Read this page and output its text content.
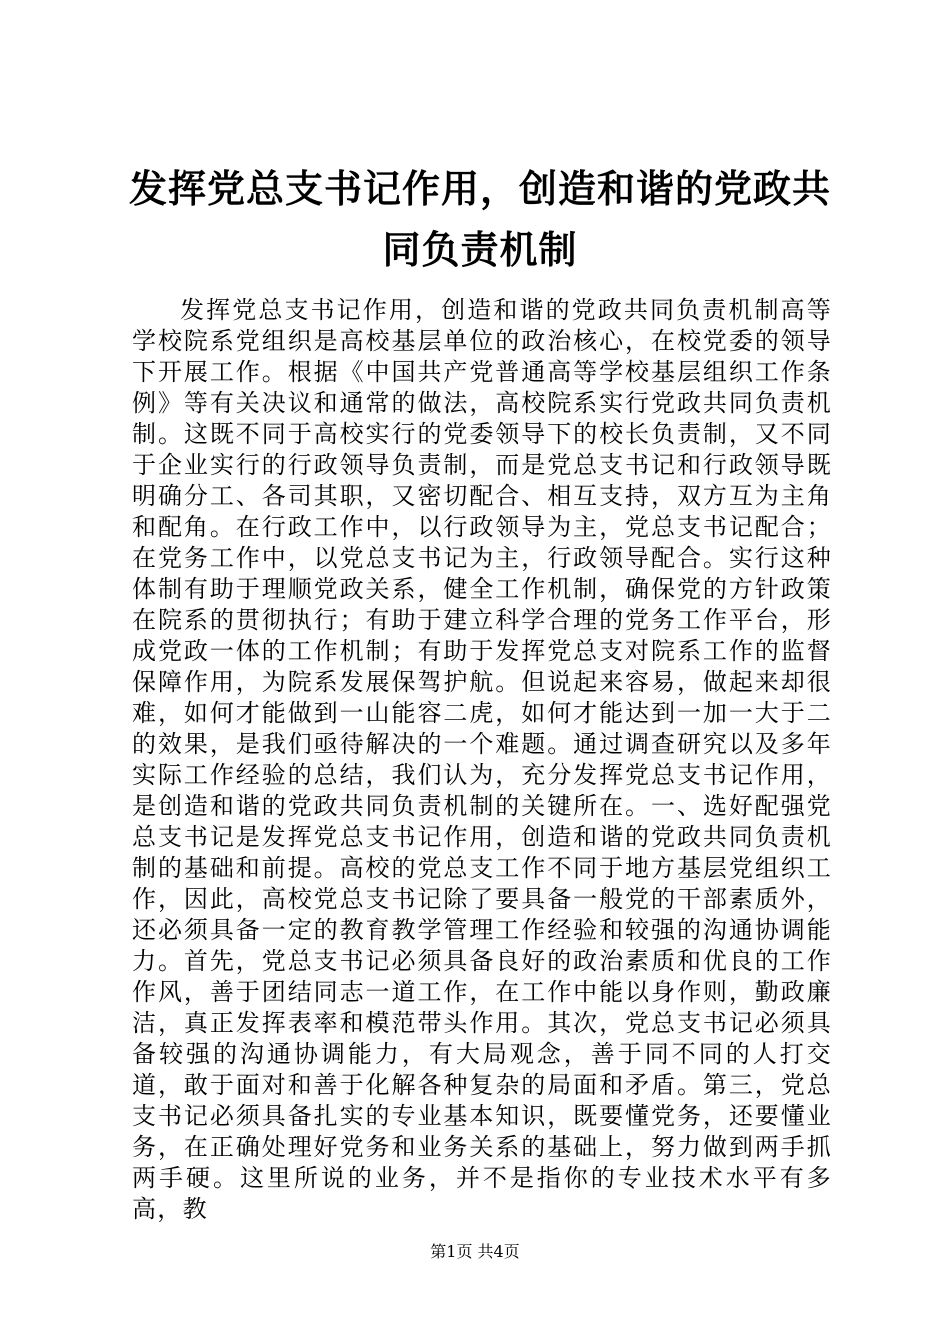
发挥党总支书记作用，创造和谐的党政共同负责机制

发挥党总支书记作用，创造和谐的党政共同负责机制高等学校院系党组织是高校基层单位的政治核心，在校党委的领导下开展工作。根据《中国共产党普通高等学校基层组织工作条例》等有关决议和通常的做法，高校院系实行党政共同负责机制。这既不同于高校实行的党委领导下的校长负责制，又不同于企业实行的行政领导负责制，而是党总支书记和行政领导既明确分工、各司其职，又密切配合、相互支持，双方互为主角和配角。在行政工作中，以行政领导为主，党总支书记配合；在党务工作中，以党总支书记为主，行政领导配合。实行这种体制有助于理顺党政关系，健全工作机制，确保党的方针政策在院系的贯彻执行；有助于建立科学合理的党务工作平台，形成党政一体的工作机制；有助于发挥党总支对院系工作的监督保障作用，为院系发展保驾护航。但说起来容易，做起来却很难，如何才能做到一山能容二虎，如何才能达到一加一大于二的效果，是我们亟待解决的一个难题。通过调查研究以及多年实际工作经验的总结，我们认为，充分发挥党总支书记作用，是创造和谐的党政共同负责机制的关键所在。一、选好配强党总支书记是发挥党总支书记作用，创造和谐的党政共同负责机制的基础和前提。高校的党总支工作不同于地方基层党组织工作，因此，高校党总支书记除了要具备一般党的干部素质外，还必须具备一定的教育教学管理工作经验和较强的沟通协调能力。首先，党总支书记必须具备良好的政治素质和优良的工作作风，善于团结同志一道工作，在工作中能以身作则，勤政廉洁，真正发挥表率和模范带头作用。其次，党总支书记必须具备较强的沟通协调能力，有大局观念，善于同不同的人打交道，敢于面对和善于化解各种复杂的局面和矛盾。第三，党总支书记必须具备扎实的专业基本知识，既要懂党务，还要懂业务，在正确处理好党务和业务关系的基础上，努力做到两手抓两手硬。这里所说的业务，并不是指你的专业技术水平有多高，教

第1页 共4页
